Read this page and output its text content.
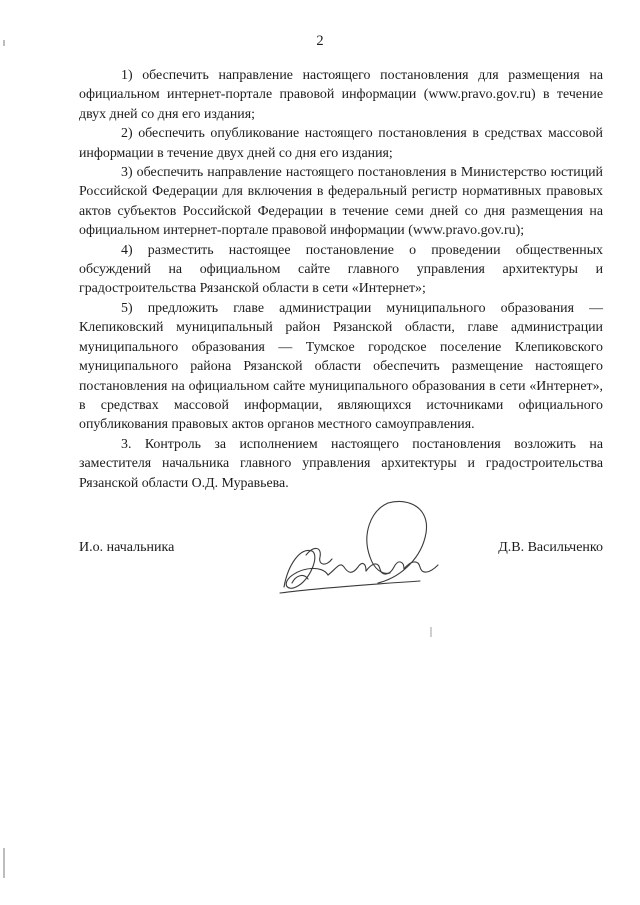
2

1) обеспечить направление настоящего постановления для размещения на официальном интернет-портале правовой информации (www.pravo.gov.ru) в течение двух дней со дня его издания;

2) обеспечить опубликование настоящего постановления в средствах массовой информации в течение двух дней со дня его издания;

3) обеспечить направление настоящего постановления в Министерство юстиций Российской Федерации для включения в федеральный регистр нормативных правовых актов субъектов Российской Федерации в течение семи дней со дня размещения на официальном интернет-портале правовой информации (www.pravo.gov.ru);

4) разместить настоящее постановление о проведении общественных обсуждений на официальном сайте главного управления архитектуры и градостроительства Рязанской области в сети «Интернет»;

5) предложить главе администрации муниципального образования — Клепиковский муниципальный район Рязанской области, главе администрации муниципального образования — Тумское городское поселение Клепиковского муниципального района Рязанской области обеспечить размещение настоящего постановления на официальном сайте муниципального образования в сети «Интернет», в средствах массовой информации, являющихся источниками официального опубликования правовых актов органов местного самоуправления.

3. Контроль за исполнением настоящего постановления возложить на заместителя начальника главного управления архитектуры и градостроительства Рязанской области О.Д. Муравьева.

И.о. начальника	Д.В. Васильченко
